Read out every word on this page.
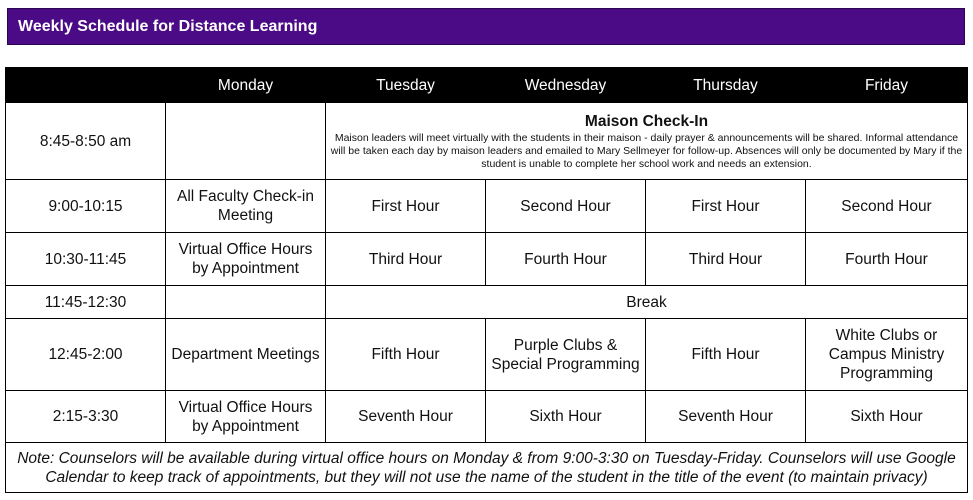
Weekly Schedule for Distance Learning
	Monday	Tuesday	Wednesday	Thursday	Friday
8:45-8:50 am		Maison Check-In
Maison leaders will meet virtually with the students in their maison - daily prayer & announcements will be shared. Informal attendance will be taken each day by maison leaders and emailed to Mary Sellmeyer for follow-up. Absences will only be documented by Mary if the student is unable to complete her school work and needs an extension.			

9:00-10:15	All Faculty Check-in Meeting	First Hour	Second Hour	First Hour	Second Hour
10:30-11:45	Virtual Office Hours by Appointment	Third Hour	Fourth Hour	Third Hour	Fourth Hour
11:45-12:30		Break			
12:45-2:00	Department Meetings	Fifth Hour	Purple Clubs & Special Programming	Fifth Hour	White Clubs or Campus Ministry Programming
2:15-3:30	Virtual Office Hours by Appointment	Seventh Hour	Sixth Hour	Seventh Hour	Sixth Hour
Note: Counselors will be available during virtual office hours on Monday & from 9:00-3:30 on Tuesday-Friday. Counselors will use Google Calendar to keep track of appointments, but they will not use the name of the student in the title of the event (to maintain privacy)					
